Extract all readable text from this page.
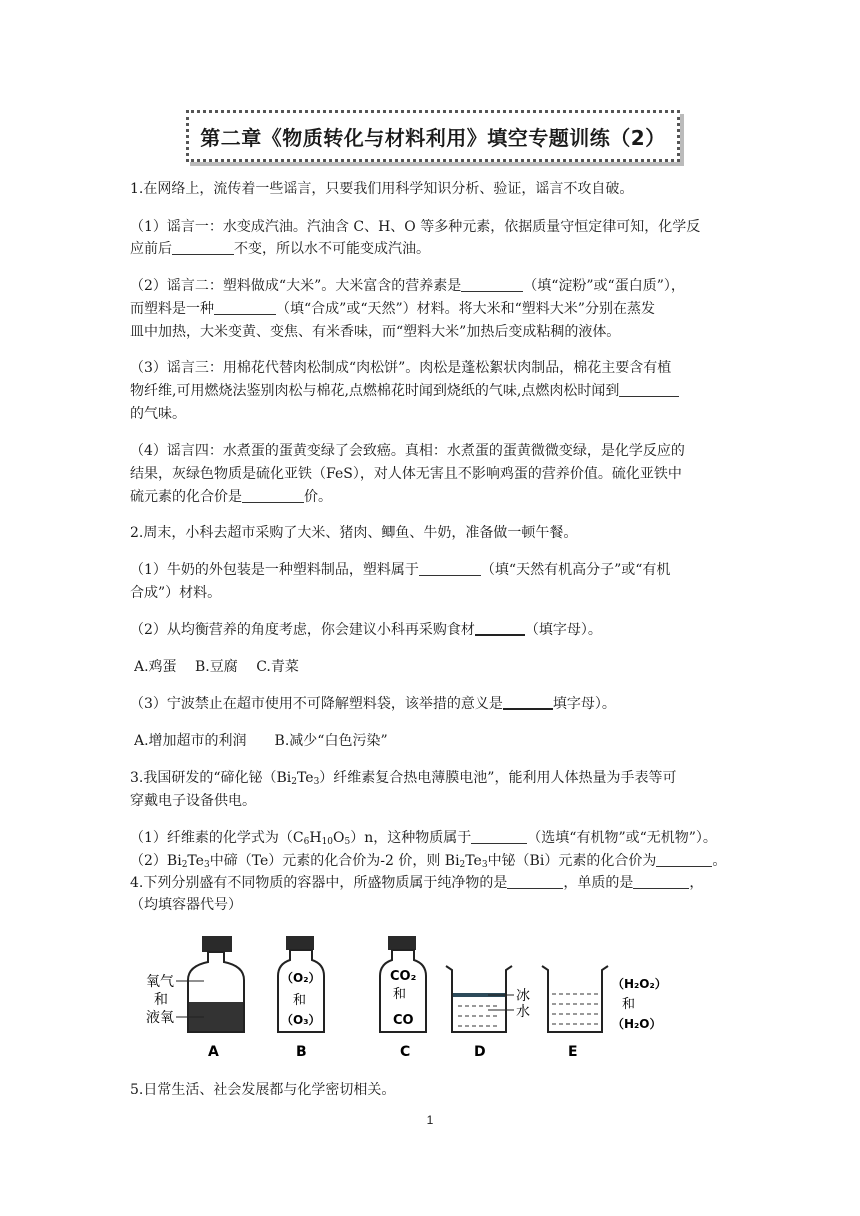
第二章《物质转化与材料利用》填空专题训练（2）
1.在网络上，流传着一些谣言，只要我们用科学知识分析、验证，谣言不攻自破。
（1）谣言一：水变成汽油。汽油含 C、H、O 等多种元素，依据质量守恒定律可知，化学反
应前后	不变，所以水不可能变成汽油。
（2）谣言二：塑料做成“大米”。大米富含的营养素是	（填“淀粉”或“蛋白质”），
而塑料是一种	（填“合成”或“天然”）材料。将大米和“塑料大米”分别在蒸发
皿中加热，大米变黄、变焦、有米香味，而“塑料大米”加热后变成粘稠的液体。
（3）谣言三：用棉花代替肉松制成“肉松饼”。肉松是蓬松絮状肉制品，棉花主要含有植
物纤维,可用燃烧法鉴别肉松与棉花,点燃棉花时闻到烧纸的气味,点燃肉松时闻到
的气味。
（4）谣言四：水煮蛋的蛋黄变绿了会致癌。真相：水煮蛋的蛋黄微微变绿，是化学反应的
结果，灰绿色物质是硫化亚铁（FeS），对人体无害且不影响鸡蛋的营养价值。硫化亚铁中
硫元素的化合价是	价。
2.周末，小科去超市采购了大米、猪肉、鲫鱼、牛奶，准备做一顿午餐。
（1）牛奶的外包装是一种塑料制品，塑料属于	（填“天然有机高分子”或“有机
合成”）材料。
（2）从均衡营养的角度考虑，你会建议小科再采购食材	（填字母）。
A.鸡蛋　 B.豆腐　 C.青菜
（3）宁波禁止在超市使用不可降解塑料袋，该举措的意义是	填字母）。
A.增加超市的利润　　B.减少“白色污染”
3.我国研发的“碲化铋$(Bi_2Te_3)$纤维素复合热电薄膜电池”，能利用人体热量为手表等可
穿戴电子设备供电。
（1）纤维素的化学式为$(C_6H_{10}O_5)n$，这种物质属于	（选填“有机物”或“无机物”）。
$(2)Bi_2Te_3$中碲（Te）元素的化合价为-2 价，则 $Bi_2Te_3$中铋（Bi）元素的化合价为	。
4.下列分别盛有不同物质的容器中，所盛物质属于纯净物的是	，单质的是	，
（均填容器代号）
氧气
和
液氧
A
（O₂）
和
（O₃）
B
CO₂
和
CO
C
冰
水
D
（H₂O₂）
和
（H₂O）
E
5.日常生活、社会发展都与化学密切相关。
1
